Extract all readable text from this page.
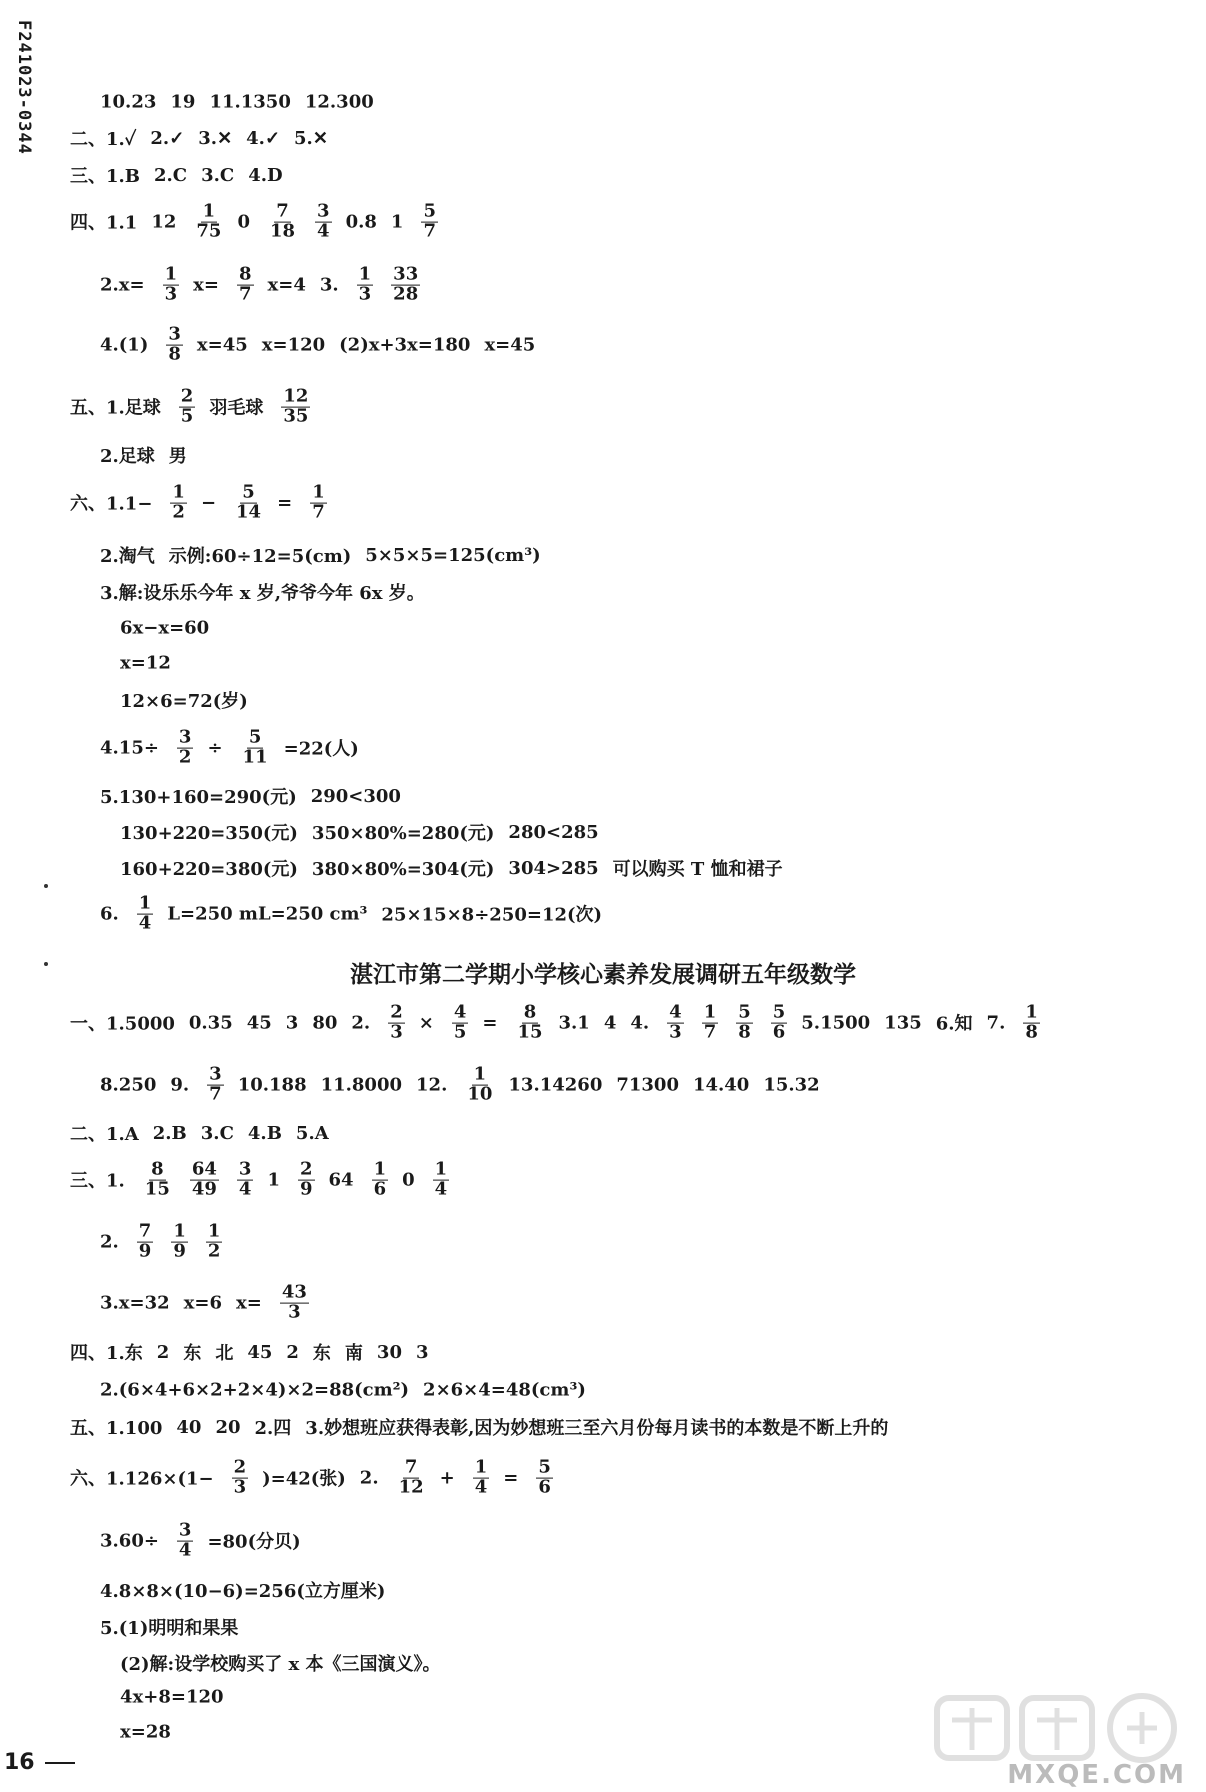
F241023-0344	10.23 19 11.1350 12.300
二、1.✓ 2.✓ 3.✕ 4.✓ 5.✕
三、1.B 2.C 3.C 4.D
四、1.1 $12 \frac{1}{75} 0 \frac{7}{18} \frac{3}{4} 0.8$ $1 \frac{5}{7}$
$2.x= \frac{1}{3} x= \frac{8}{7} x=4$ 3. $\frac{1}{3} \frac{33}{28}$
$4.(1) \frac{3}{8} x=45$ x=120 (2)x+3x=180 x=45
五、1.足球 $\frac{2}{5}$ 羽毛球 $\frac{12}{35}$
2.足球 男
六、$1.1- \frac{1}{2} - \frac{5}{14} = \frac{1}{7}$
2.淘气 示例:60÷12=5(cm) 5×5×5=125(cm³)
3.解:设乐乐今年 x 岁,爷爷今年 6x 岁。
6x−x=60
x=12
12×6=72(岁)
$4.15\div \frac{3}{2} \div \frac{5}{11} =22$(人)
5.130+160=290(元) 290<300
130+220=350(元) 350×80%=280(元) 280<285
160+220=380(元) 380×80%=304(元) 304>285 可以购买 T 恤和裙子
6. $\frac{1}{4} L=250$ mL=250 cm³ 25×15×8÷250=12(次)
一、1.5000 0.35 45 3 80 2. $\frac{2}{3} \times \frac{4}{5} = \frac{8}{15} 3.1$ 4 4. $\frac{4}{3} \frac{1}{7} \frac{5}{8} \frac{5}{6} 5.1500$ 135 6.知 7. $\frac{1}{8}$
8.250 9. $\frac{3}{7} 10.188$ 11.8000 12. $\frac{1}{10} 13.14260$ 71300 14.40 15.32
二、1.A 2.B 3.C 4.B 5.A
三、1. $\frac{8}{15} \frac{64}{49} \frac{3}{4} 1 \frac{2}{9} 64 \frac{1}{6} 0 \frac{1}{4}$
2. $\frac{7}{9} \frac{1}{9} \frac{1}{2}$
3.x=32 x=6 $x= \frac{43}{3}$
四、1.东 2 东 北 45 2 东 南 30 3
2.(6×4+6×2+2×4)×2=88(cm²) 2×6×4=48(cm³)
五、1.100 40 20 2.四 3.妙想班应获得表彰,因为妙想班三至六月份每月读书的本数是不断上升的
六、$1.126\times(1- \frac{2}{3} )=42$(张) 2. $\frac{7}{12} + \frac{1}{4} = \frac{5}{6}$
$3.60\div \frac{3}{4} =80$(分贝)
4.8×8×(10−6)=256(立方厘米)
5.(1)明明和果果
(2)解:设学校购买了 x 本《三国演义》。
4x+8=120
x=28
湛江市第二学期小学核心素养发展调研五年级数学
16	MXQE.COM
